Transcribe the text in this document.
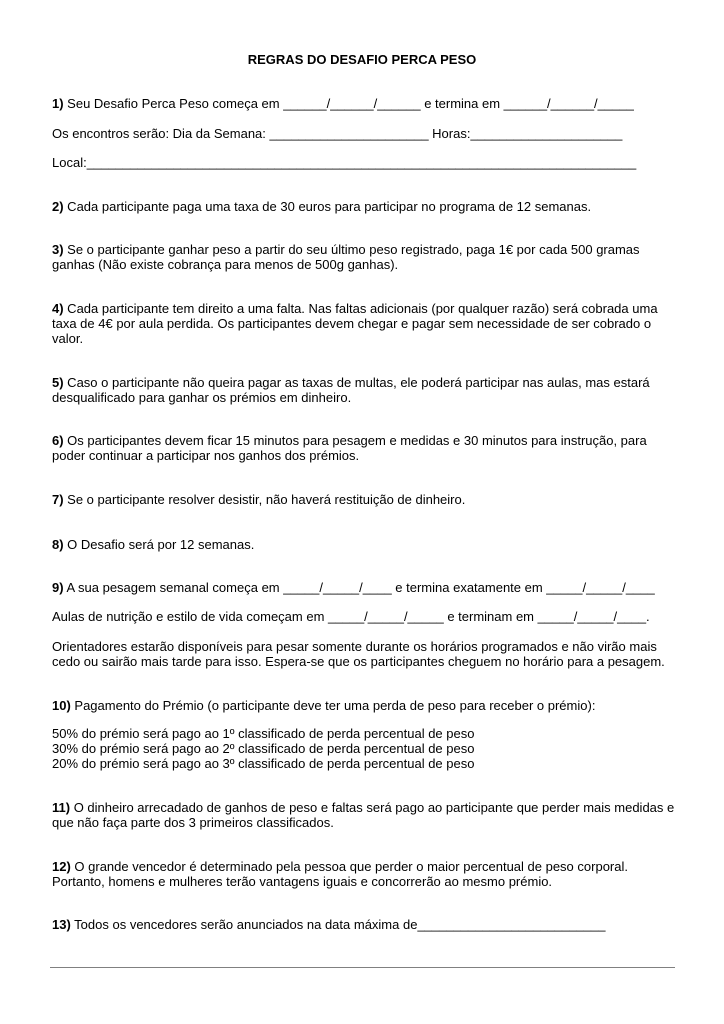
REGRAS DO DESAFIO PERCA PESO

1) Seu Desafio Perca Peso começa em ______/______/______ e termina em ______/______/_____

Os encontros serão: Dia da Semana: ______________________ Horas:_____________________

Local:____________________________________________________________________________

2) Cada participante paga uma taxa de 30 euros para participar no programa de 12 semanas.

3) Se o participante ganhar peso a partir do seu último peso registrado, paga 1€ por cada 500 gramas ganhas (Não existe cobrança para menos de 500g ganhas).

4) Cada participante tem direito a uma falta. Nas faltas adicionais (por qualquer razão) será cobrada uma taxa de 4€ por aula perdida. Os participantes devem chegar e pagar sem necessidade de ser cobrado o valor.

5) Caso o participante não queira pagar as taxas de multas, ele poderá participar nas aulas, mas estará desqualificado para ganhar os prémios em dinheiro.

6) Os participantes devem ficar 15 minutos para pesagem e medidas e 30 minutos para instrução, para poder continuar a participar nos ganhos dos prémios.

7) Se o participante resolver desistir, não haverá restituição de dinheiro.

8) O Desafio será por 12 semanas.

9) A sua pesagem semanal começa em _____/_____/____ e termina exatamente em _____/_____/____

Aulas de nutrição e estilo de vida começam em _____/_____/_____ e terminam em _____/_____/____.

Orientadores estarão disponíveis para pesar somente durante os horários programados e não virão mais cedo ou sairão mais tarde para isso. Espera-se que os participantes cheguem no horário para a pesagem.

10) Pagamento do Prémio (o participante deve ter uma perda de peso para receber o prémio):

50% do prémio será pago ao 1º classificado de perda percentual de peso

30% do prémio será pago ao 2º classificado de perda percentual de peso

20% do prémio será pago ao 3º classificado de perda percentual de peso

11) O dinheiro arrecadado de ganhos de peso e faltas será pago ao participante que perder mais medidas e que não faça parte dos 3 primeiros classificados.

12) O grande vencedor é determinado pela pessoa que perder o maior percentual de peso corporal. Portanto, homens e mulheres terão vantagens iguais e concorrerão ao mesmo prémio.

13) Todos os vencedores serão anunciados na data máxima de__________________________
